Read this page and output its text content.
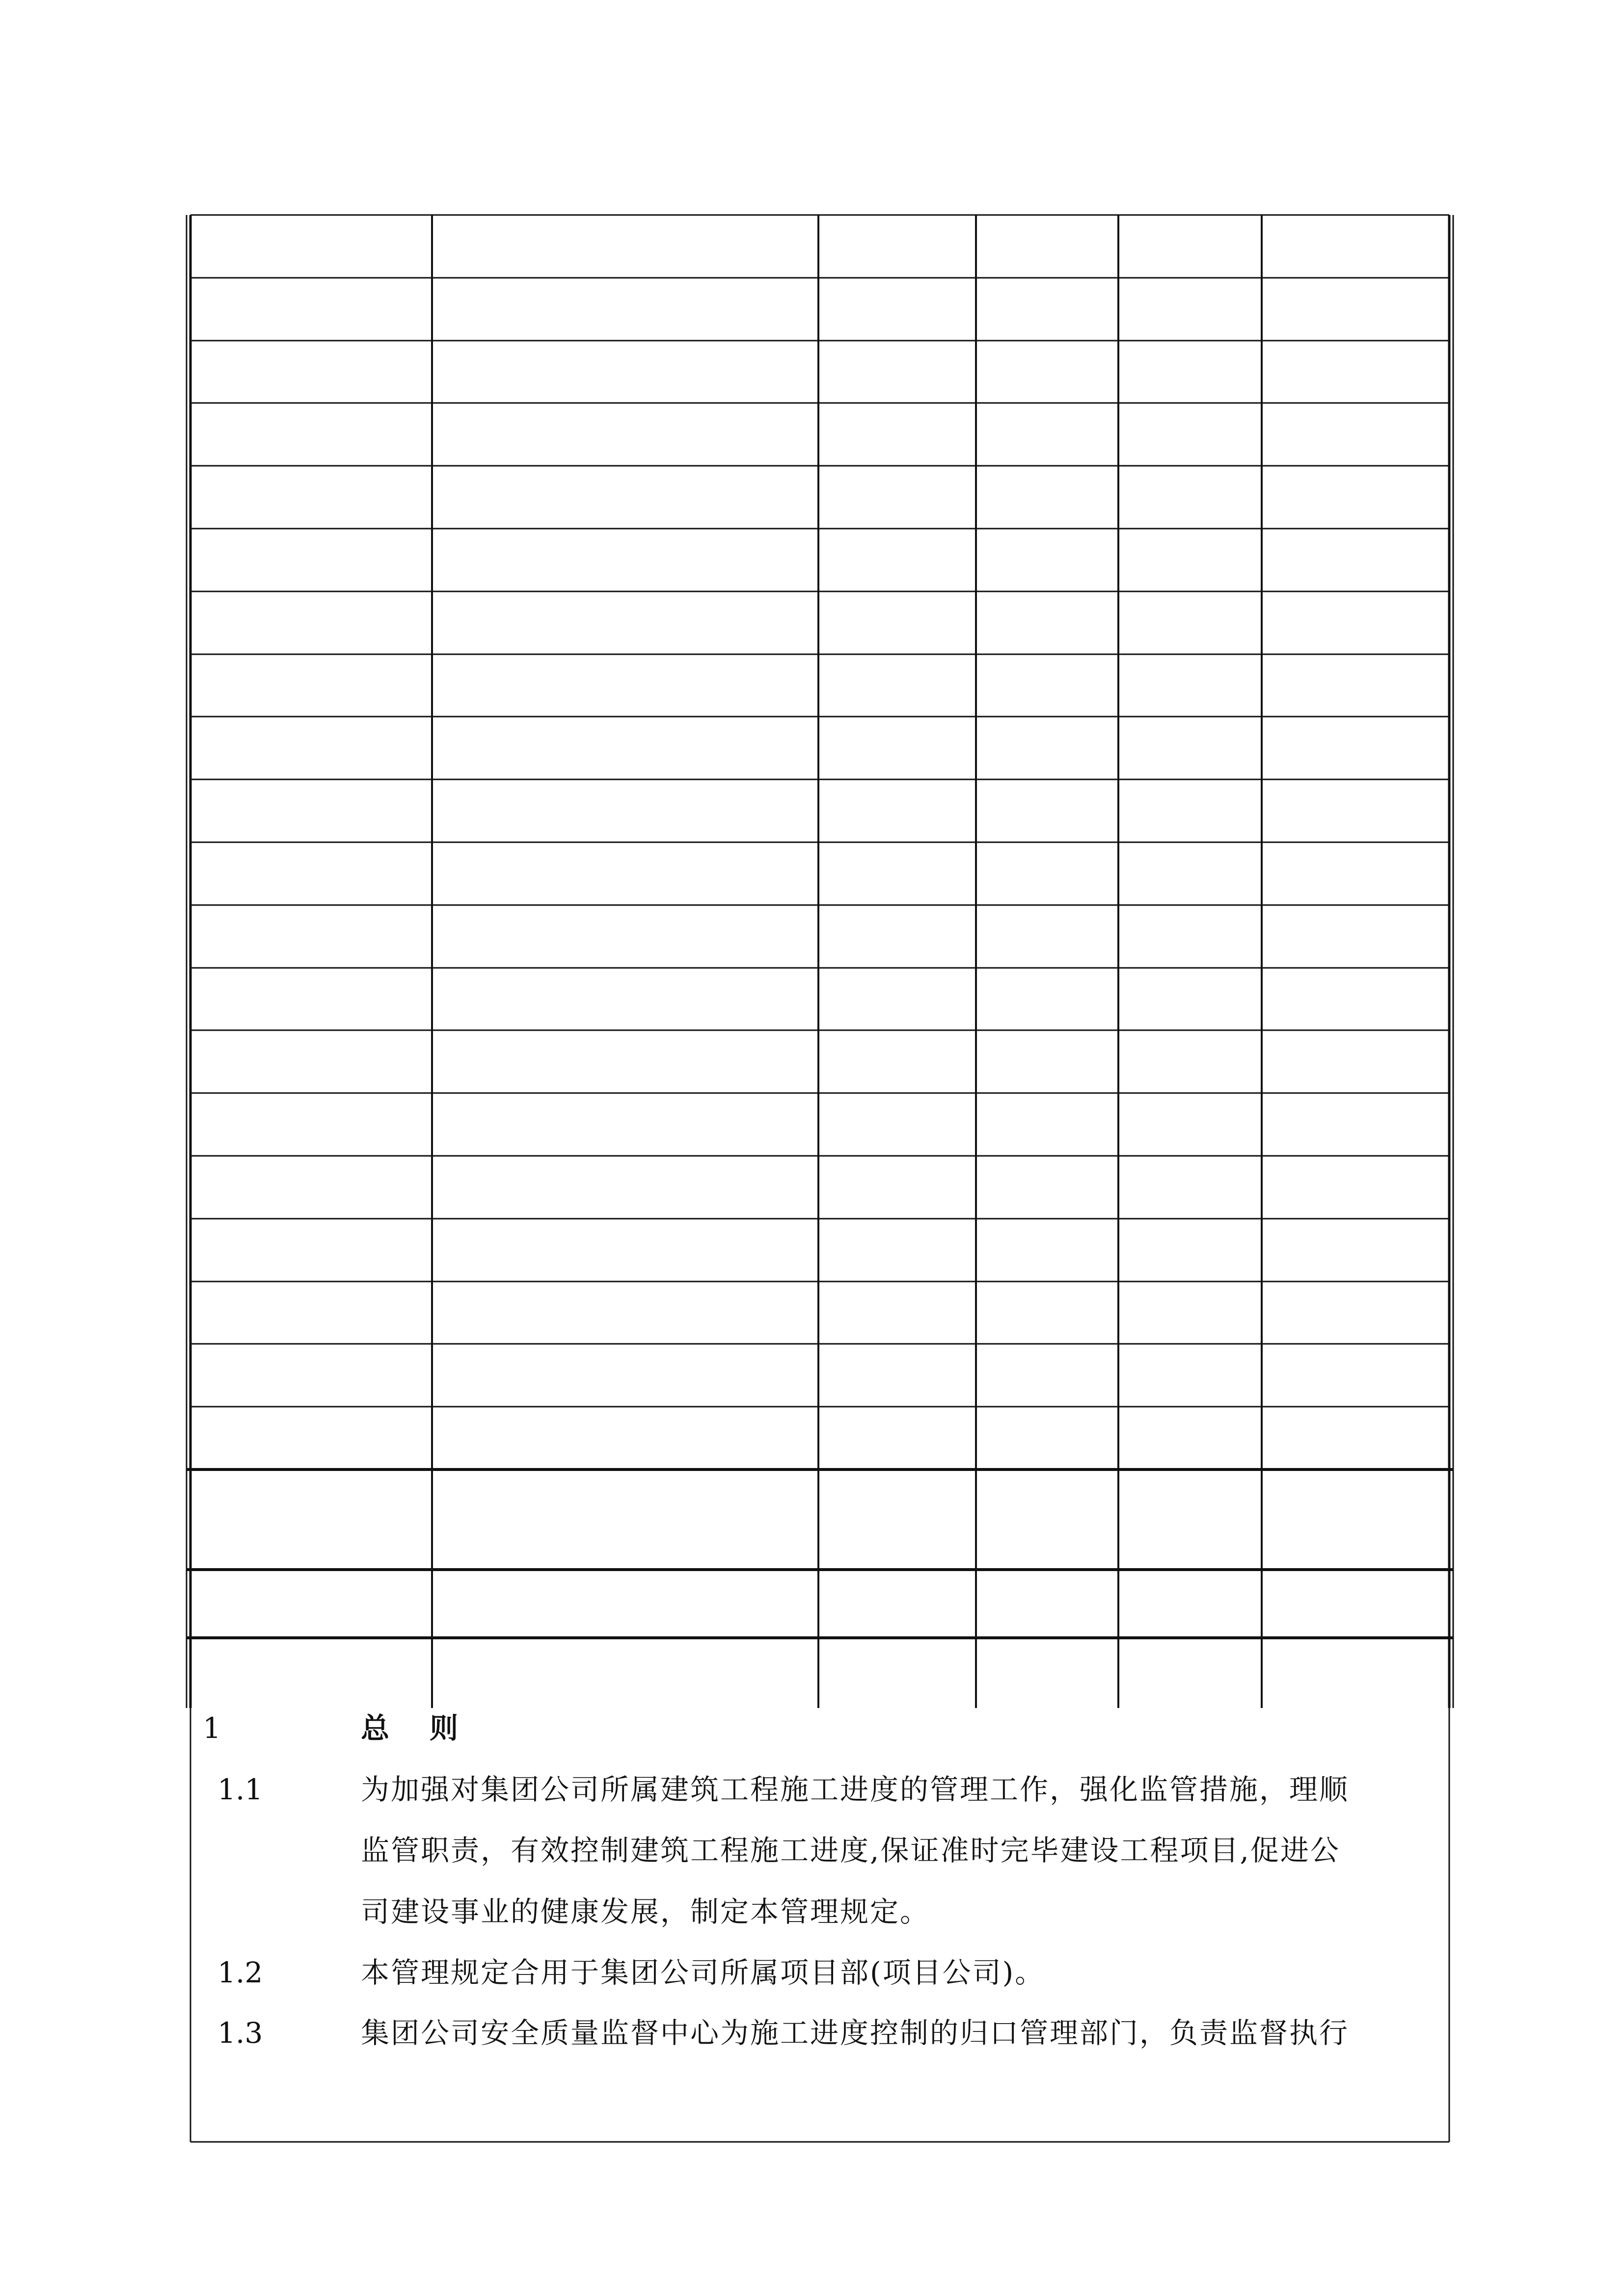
1	总则
1.1	为加强对集团公司所属建筑工程施工进度的管理工作，强化监管措施，理顺
监管职责，有效控制建筑工程施工进度,保证准时完毕建设工程项目,促进公
司建设事业的健康发展，制定本管理规定。
1.2	本管理规定合用于集团公司所属项目部(项目公司)。
1.3	集团公司安全质量监督中心为施工进度控制的归口管理部门，负责监督执行
